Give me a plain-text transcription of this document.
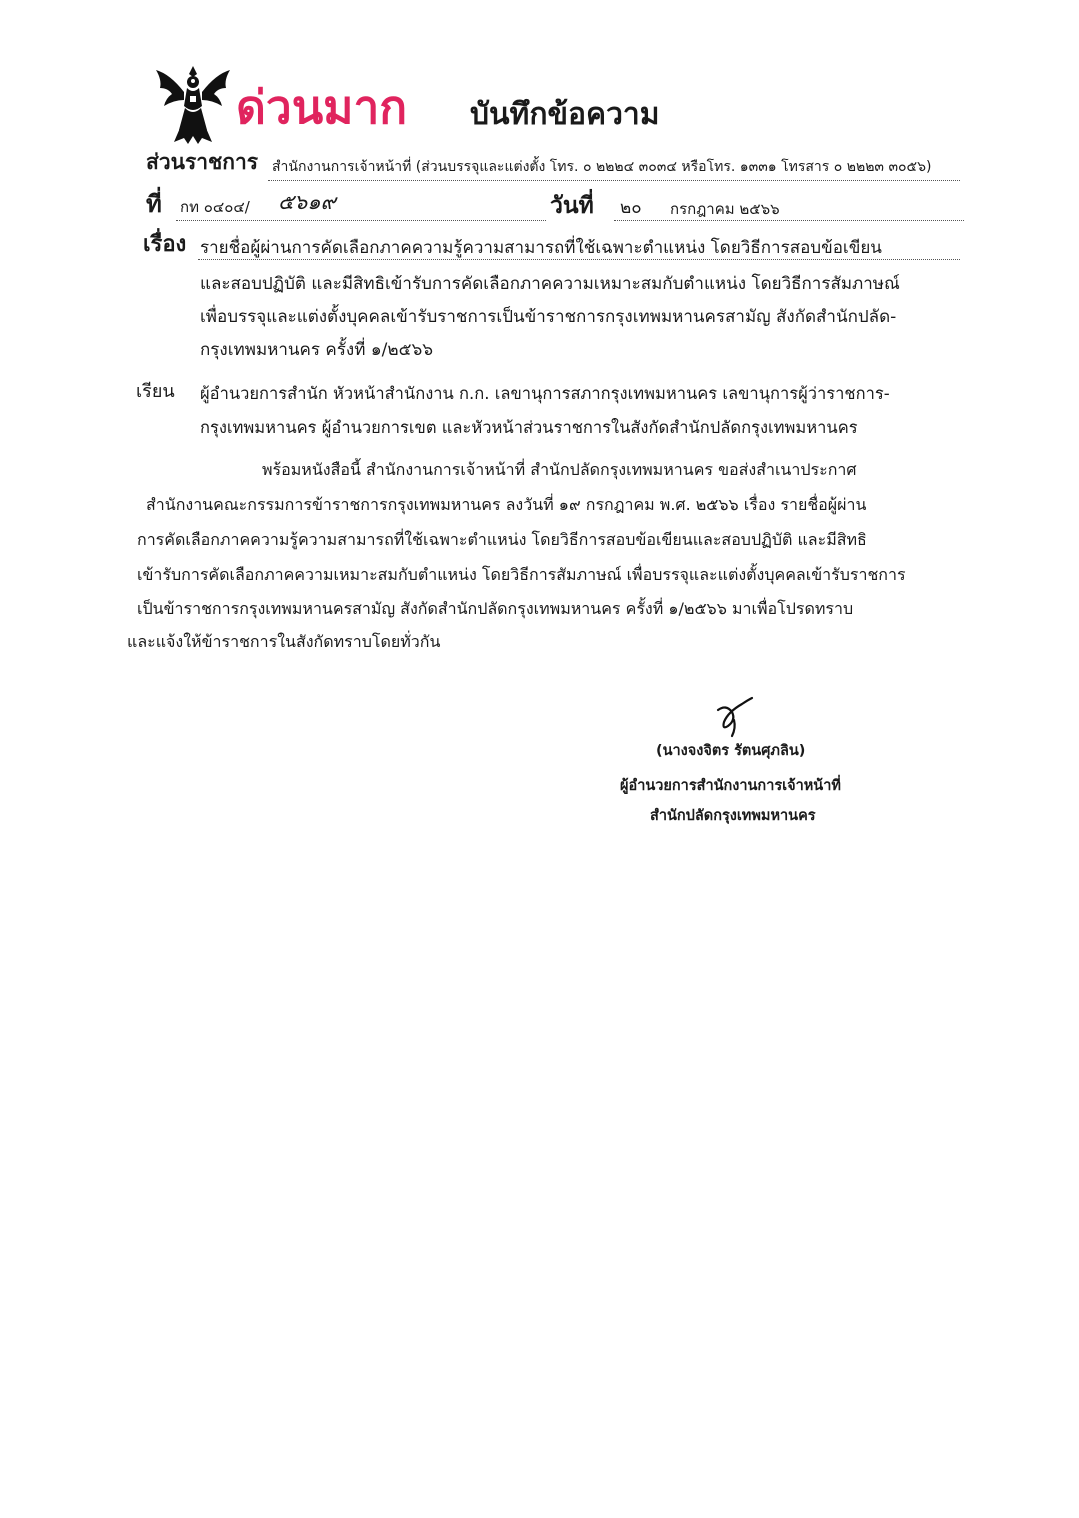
ด่วนมาก บันทึกข้อความ
ส่วนราชการ สำนักงานการเจ้าหน้าที่ (ส่วนบรรจุและแต่งตั้ง โทร. ๐ ๒๒๒๔ ๓๐๓๔ หรือโทร. ๑๓๓๑ โทรสาร ๐ ๒๒๒๓ ๓๐๕๖)
ที่ กท ๐๔๐๔/ ๕๖๑๙	วันที่ ๒๐ กรกฎาคม ๒๕๖๖
เรื่อง รายชื่อผู้ผ่านการคัดเลือกภาคความรู้ความสามารถที่ใช้เฉพาะตำแหน่ง โดยวิธีการสอบข้อเขียน
และสอบปฏิบัติ และมีสิทธิเข้ารับการคัดเลือกภาคความเหมาะสมกับตำแหน่ง โดยวิธีการสัมภาษณ์
เพื่อบรรจุและแต่งตั้งบุคคลเข้ารับราชการเป็นข้าราชการกรุงเทพมหานครสามัญ สังกัดสำนักปลัด-
กรุงเทพมหานคร ครั้งที่ ๑/๒๕๖๖
เรียน ผู้อำนวยการสำนัก หัวหน้าสำนักงาน ก.ก. เลขานุการสภากรุงเทพมหานคร เลขานุการผู้ว่าราชการ-
กรุงเทพมหานคร ผู้อำนวยการเขต และหัวหน้าส่วนราชการในสังกัดสำนักปลัดกรุงเทพมหานคร
พร้อมหนังสือนี้ สำนักงานการเจ้าหน้าที่ สำนักปลัดกรุงเทพมหานคร ขอส่งสำเนาประกาศ
สำนักงานคณะกรรมการข้าราชการกรุงเทพมหานคร ลงวันที่ ๑๙ กรกฎาคม พ.ศ. ๒๕๖๖ เรื่อง รายชื่อผู้ผ่าน
การคัดเลือกภาคความรู้ความสามารถที่ใช้เฉพาะตำแหน่ง โดยวิธีการสอบข้อเขียนและสอบปฏิบัติ และมีสิทธิ
เข้ารับการคัดเลือกภาคความเหมาะสมกับตำแหน่ง โดยวิธีการสัมภาษณ์ เพื่อบรรจุและแต่งตั้งบุคคลเข้ารับราชการ
เป็นข้าราชการกรุงเทพมหานครสามัญ สังกัดสำนักปลัดกรุงเทพมหานคร ครั้งที่ ๑/๒๕๖๖ มาเพื่อโปรดทราบ
และแจ้งให้ข้าราชการในสังกัดทราบโดยทั่วกัน
(นางจงจิตร รัตนศุภลิน)
ผู้อำนวยการสำนักงานการเจ้าหน้าที่
สำนักปลัดกรุงเทพมหานคร
